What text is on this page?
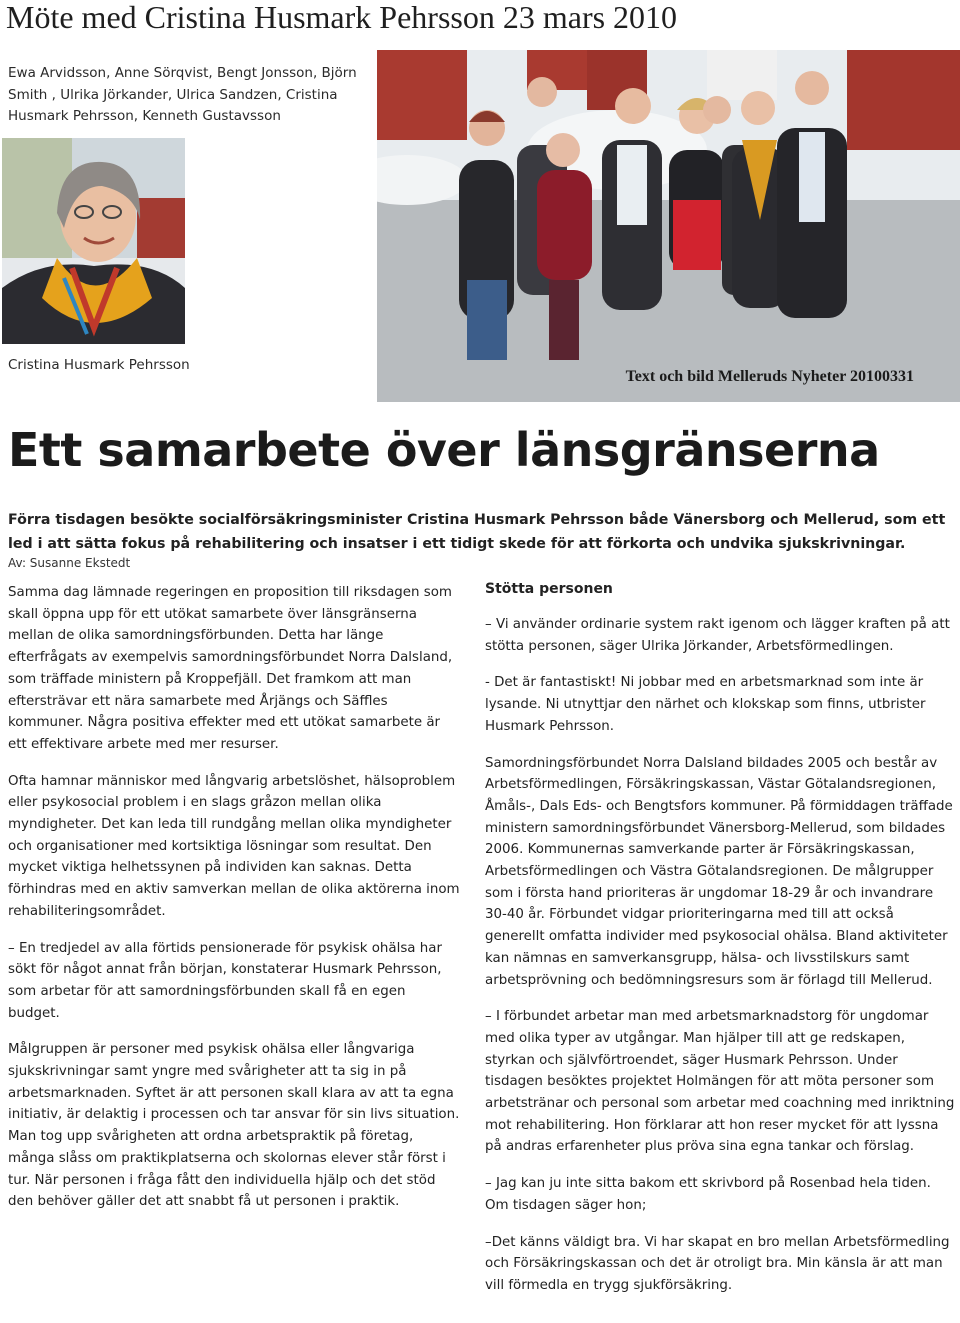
Möte med Cristina Husmark Pehrsson 23 mars 2010
Ewa Arvidsson, Anne Sörqvist, Bengt Jonsson, Björn Smith , Ulrika Jörkander, Ulrica Sandzen, Cristina Husmark Pehrsson, Kenneth Gustavsson
Cristina Husmark Pehrsson
Text och bild Melleruds Nyheter 20100331
Ett samarbete över länsgränserna

Förra tisdagen besökte socialförsäkringsminister Cristina Husmark Pehrsson både Vänersborg och Mellerud, som ett led i att sätta fokus på rehabilitering och insatser i ett tidigt skede för att förkorta och undvika sjukskrivningar.

Av: Susanne Ekstedt

Samma dag lämnade regeringen en proposition till riksdagen som skall öppna upp för ett utökat samarbete över länsgränserna mellan de olika samordningsförbunden. Detta har länge efterfrågats av exempelvis samordningsförbundet Norra Dalsland, som träffade ministern på Kroppefjäll. Det framkom att man eftersträvar ett nära samarbete med Årjängs och Säffles kommuner. Några positiva effekter med ett utökat samarbete är ett effektivare arbete med mer resurser.

Ofta hamnar människor med långvarig arbetslöshet, hälsoproblem eller psykosocial problem i en slags gråzon mellan olika myndigheter. Det kan leda till rundgång mellan olika myndigheter och organisationer med kortsiktiga lösningar som resultat. Den mycket viktiga helhetssynen på individen kan saknas. Detta förhindras med en aktiv samverkan mellan de olika aktörerna inom rehabiliteringsområdet.

– En tredjedel av alla förtids pensionerade för psykisk ohälsa har sökt för något annat från början, konstaterar Husmark Pehrsson, som arbetar för att samordningsförbunden skall få en egen budget.

Målgruppen är personer med psykisk ohälsa eller långvariga sjukskrivningar samt yngre med svårigheter att ta sig in på arbetsmarknaden. Syftet är att personen skall klara av att ta egna initiativ, är delaktig i processen och tar ansvar för sin livs situation. Man tog upp svårigheten att ordna arbetspraktik på företag, många slåss om praktikplatserna och skolornas elever står först i tur. När personen i fråga fått den individuella hjälp och det stöd den behöver gäller det att snabbt få ut personen i praktik.

Stötta personen

– Vi använder ordinarie system rakt igenom och lägger kraften på att stötta personen, säger Ulrika Jörkander, Arbetsförmedlingen.

- Det är fantastiskt! Ni jobbar med en arbetsmarknad som inte är lysande. Ni utnyttjar den närhet och klokskap som finns, utbrister Husmark Pehrsson.

Samordningsförbundet Norra Dalsland bildades 2005 och består av Arbetsförmedlingen, Försäkringskassan, Västar Götalandsregionen, Åmåls-, Dals Eds- och Bengtsfors kommuner. På förmiddagen träffade ministern samordningsförbundet Vänersborg-Mellerud, som bildades 2006. Kommunernas samverkande parter är Försäkringskassan, Arbetsförmedlingen och Västra Götalandsregionen. De målgrupper som i första hand prioriteras är ungdomar 18-29 år och invandrare 30-40 år. Förbundet vidgar prioriteringarna med till att också generellt omfatta individer med psykosocial ohälsa. Bland aktiviteter kan nämnas en samverkansgrupp, hälsa- och livsstilskurs samt arbetsprövning och bedömningsresurs som är förlagd till Mellerud.

– I förbundet arbetar man med arbetsmarknadstorg för ungdomar med olika typer av utgångar. Man hjälper till att ge redskapen, styrkan och självförtroendet, säger Husmark Pehrsson. Under tisdagen besöktes projektet Holmängen för att möta personer som arbetstränar och personal som arbetar med coachning med inriktning mot rehabilitering. Hon förklarar att hon reser mycket för att lyssna på andras erfarenheter plus pröva sina egna tankar och förslag.

– Jag kan ju inte sitta bakom ett skrivbord på Rosenbad hela tiden. Om tisdagen säger hon;

–Det känns väldigt bra. Vi har skapat en bro mellan Arbetsförmedling och Försäkringskassan och det är otroligt bra. Min känsla är att man vill förmedla en trygg sjukförsäkring.
